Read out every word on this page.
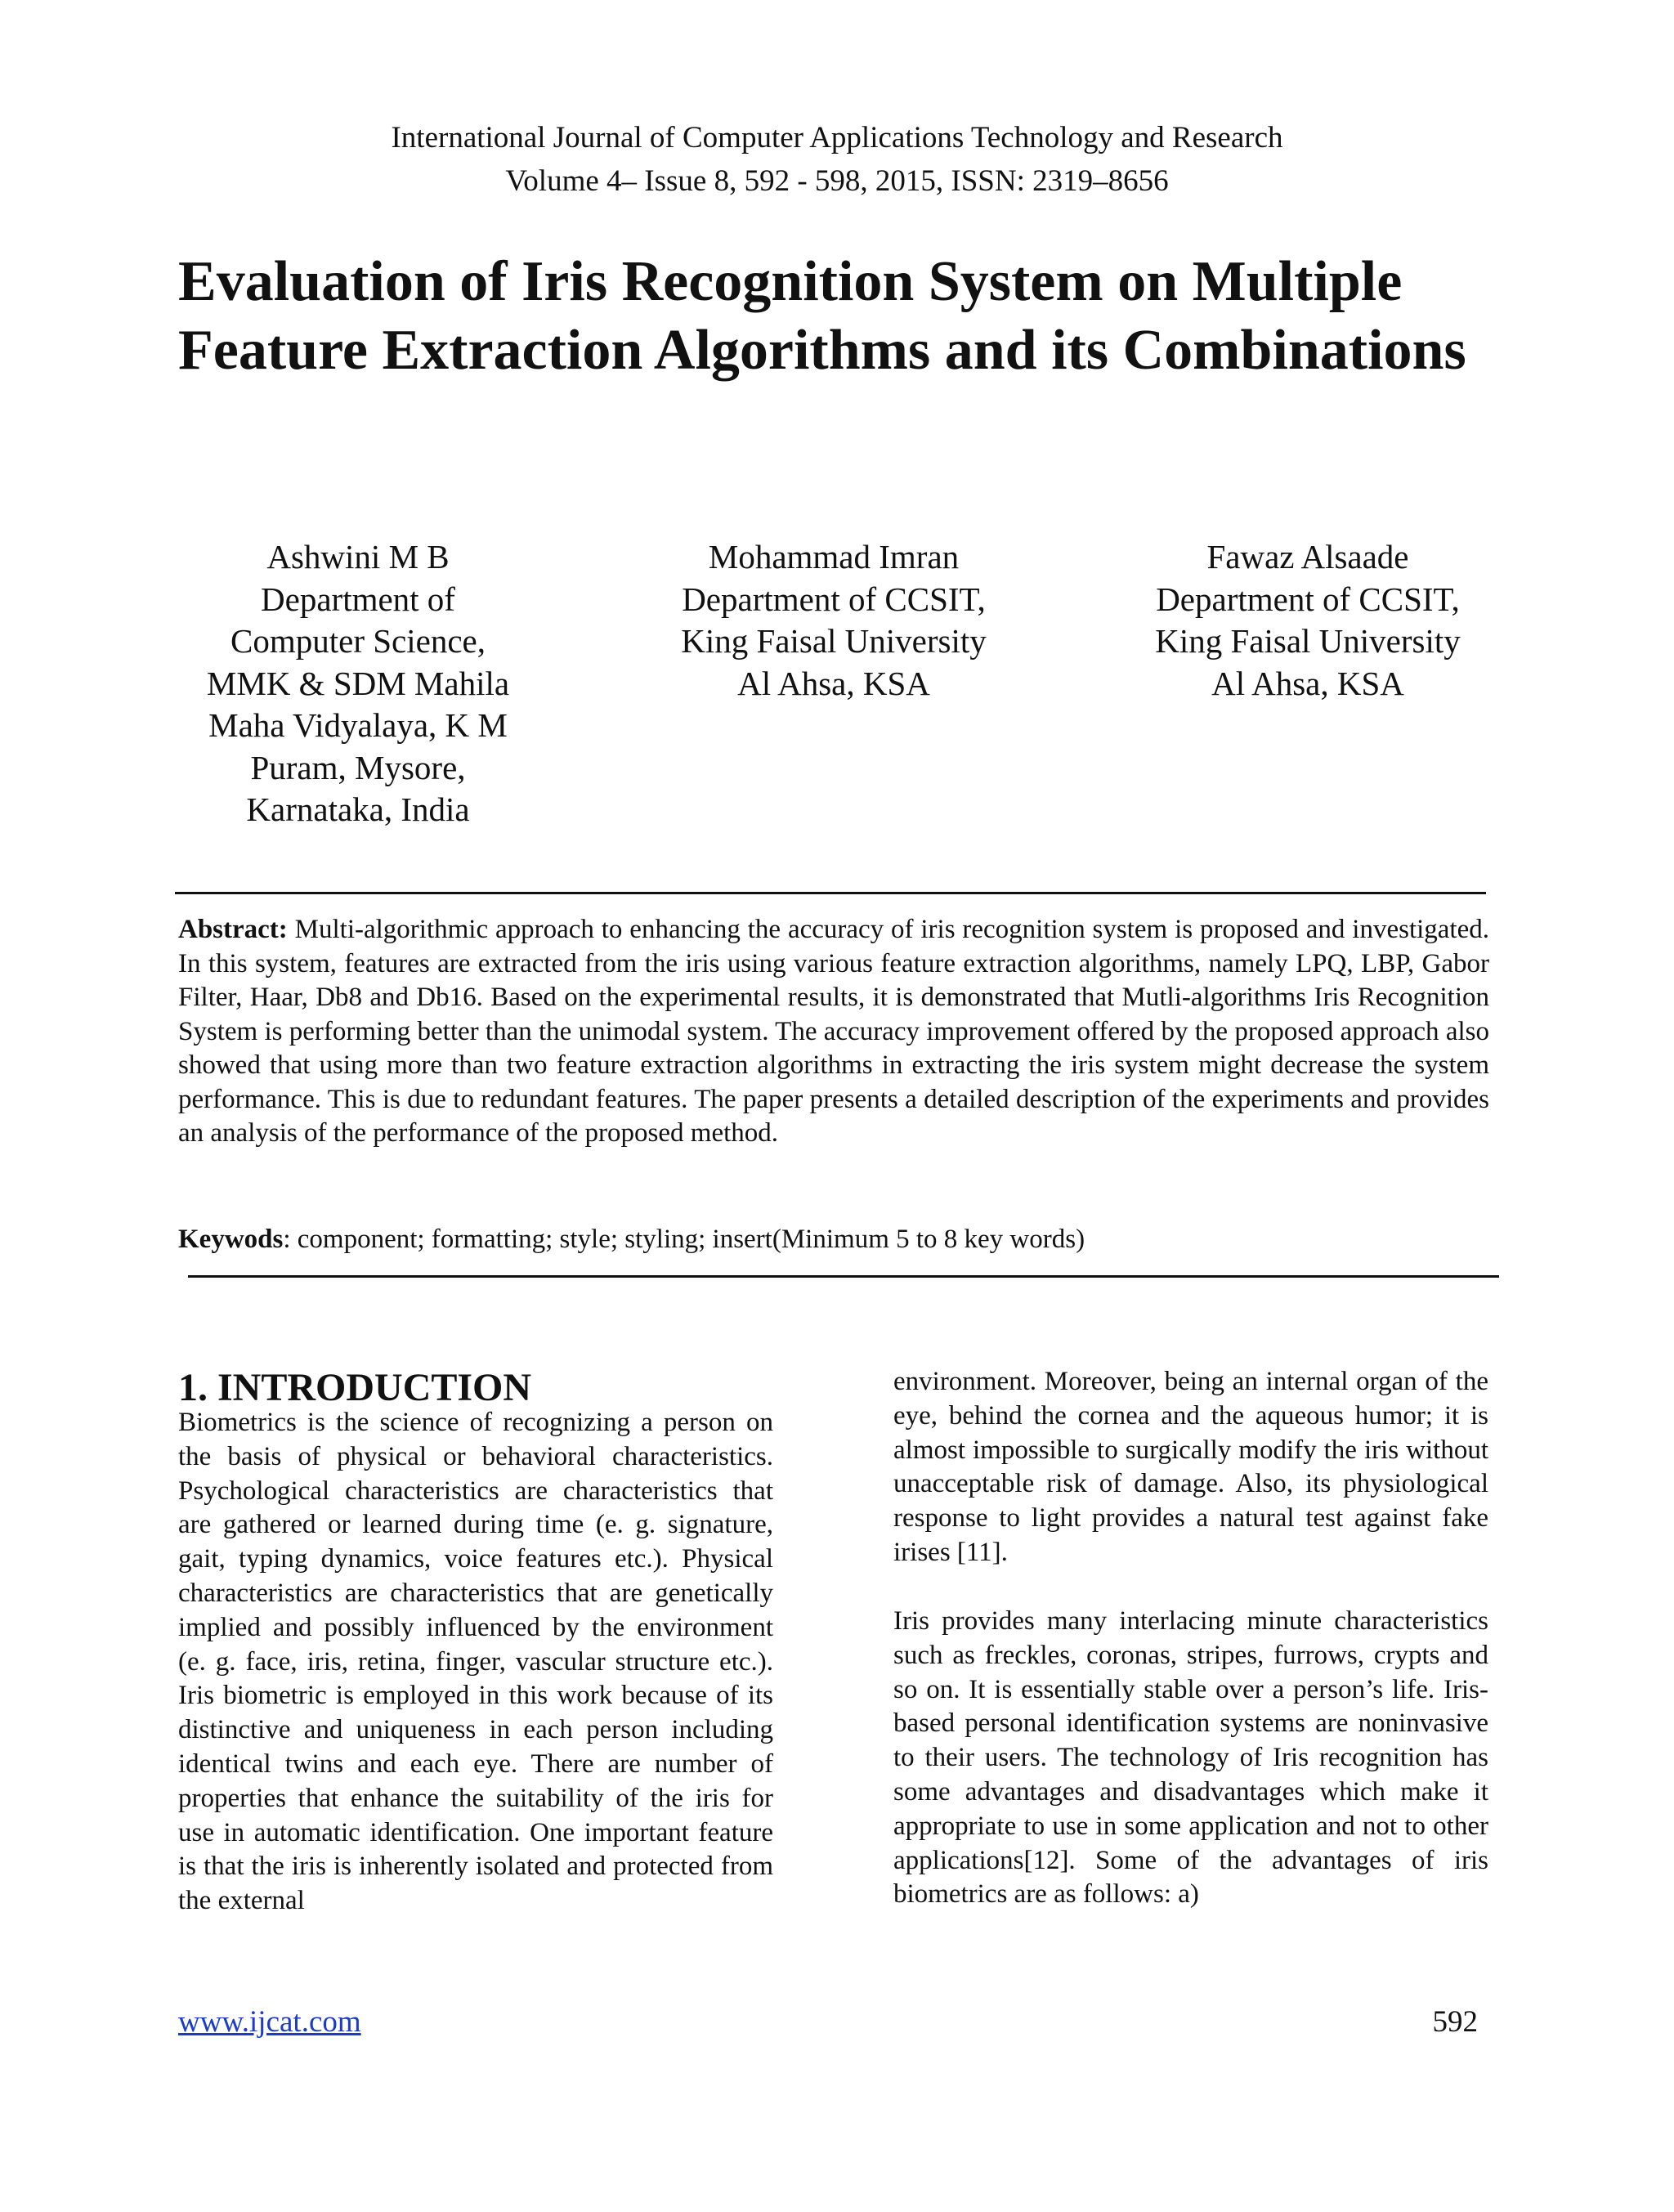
International Journal of Computer Applications Technology and Research
Volume 4– Issue 8, 592 - 598, 2015, ISSN: 2319–8656
Evaluation of Iris Recognition System on Multiple Feature Extraction Algorithms and its Combinations
Ashwini M B
Department of
Computer Science,
MMK & SDM Mahila
Maha Vidyalaya, K M
Puram, Mysore,
Karnataka, India
Mohammad Imran
Department of CCSIT,
King Faisal University
Al Ahsa, KSA
Fawaz Alsaade
Department of CCSIT,
King Faisal University
Al Ahsa, KSA

Abstract: Multi-algorithmic approach to enhancing the accuracy of iris recognition system is proposed and investigated. In this system, features are extracted from the iris using various feature extraction algorithms, namely LPQ, LBP, Gabor Filter, Haar, Db8 and Db16. Based on the experimental results, it is demonstrated that Mutli-algorithms Iris Recognition System is performing better than the unimodal system. The accuracy improvement offered by the proposed approach also showed that using more than two feature extraction algorithms in extracting the iris system might decrease the system performance. This is due to redundant features. The paper presents a detailed description of the experiments and provides an analysis of the performance of the proposed method.

Keywods: component; formatting; style; styling; insert(Minimum 5 to 8 key words)

1. INTRODUCTION

Biometrics is the science of recognizing a person on the basis of physical or behavioral characteristics. Psychological characteristics are characteristics that are gathered or learned during time (e. g. signature, gait, typing dynamics, voice features etc.). Physical characteristics are characteristics that are genetically implied and possibly influenced by the environment (e. g. face, iris, retina, finger, vascular structure etc.). Iris biometric is employed in this work because of its distinctive and uniqueness in each person including identical twins and each eye. There are number of properties that enhance the suitability of the iris for use in automatic identification. One important feature is that the iris is inherently isolated and protected from the external

environment. Moreover, being an internal organ of the eye, behind the cornea and the aqueous humor; it is almost impossible to surgically modify the iris without unacceptable risk of damage. Also, its physiological response to light provides a natural test against fake irises [11].

Iris provides many interlacing minute characteristics such as freckles, coronas, stripes, furrows, crypts and so on. It is essentially stable over a person’s life. Iris-based personal identification systems are noninvasive to their users. The technology of Iris recognition has some advantages and disadvantages which make it appropriate to use in some application and not to other applications[12]. Some of the advantages of iris biometrics are as follows: a)

www.ijcat.com	592
